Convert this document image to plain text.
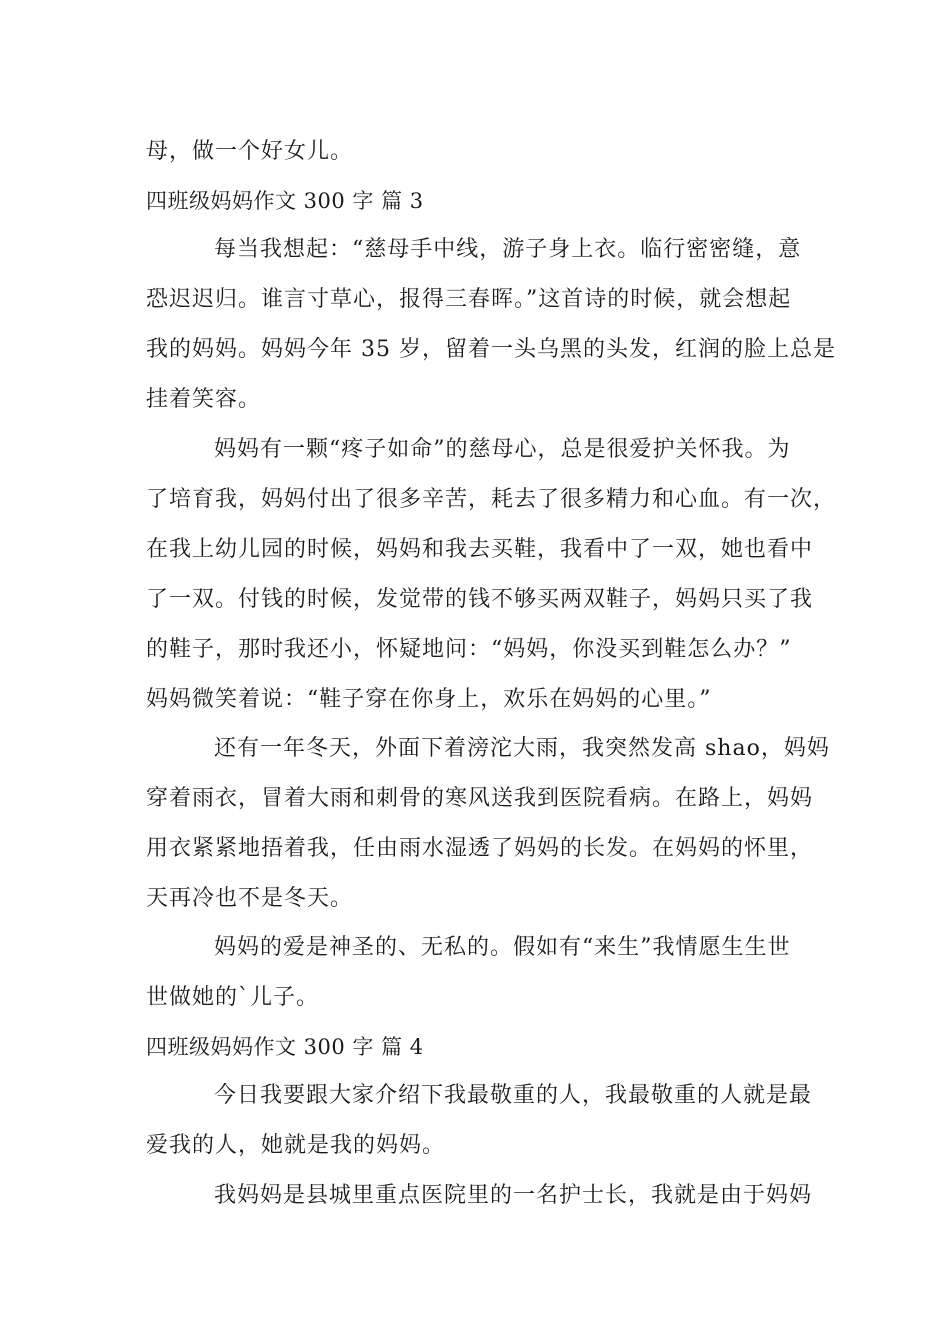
母，做一个好女儿。

四班级妈妈作文 300 字 篇 3

每当我想起：“慈母手中线，游子身上衣。临行密密缝，意

恐迟迟归。谁言寸草心，报得三春晖。”这首诗的时候，就会想起

我的妈妈。妈妈今年 35 岁，留着一头乌黑的头发，红润的脸上总是

挂着笑容。

妈妈有一颗“疼子如命”的慈母心，总是很爱护关怀我。为

了培育我，妈妈付出了很多辛苦，耗去了很多精力和心血。有一次，

在我上幼儿园的时候，妈妈和我去买鞋，我看中了一双，她也看中

了一双。付钱的时候，发觉带的钱不够买两双鞋子，妈妈只买了我

的鞋子，那时我还小，怀疑地问：“妈妈，你没买到鞋怎么办？”

妈妈微笑着说：“鞋子穿在你身上，欢乐在妈妈的心里。”

还有一年冬天，外面下着滂沱大雨，我突然发高 shao，妈妈

穿着雨衣，冒着大雨和刺骨的寒风送我到医院看病。在路上，妈妈

用衣紧紧地捂着我，任由雨水湿透了妈妈的长发。在妈妈的怀里，

天再冷也不是冬天。

妈妈的爱是神圣的、无私的。假如有“来生”我情愿生生世

世做她的`儿子。

四班级妈妈作文 300 字 篇 4

今日我要跟大家介绍下我最敬重的人，我最敬重的人就是最

爱我的人，她就是我的妈妈。

我妈妈是县城里重点医院里的一名护士长，我就是由于妈妈
